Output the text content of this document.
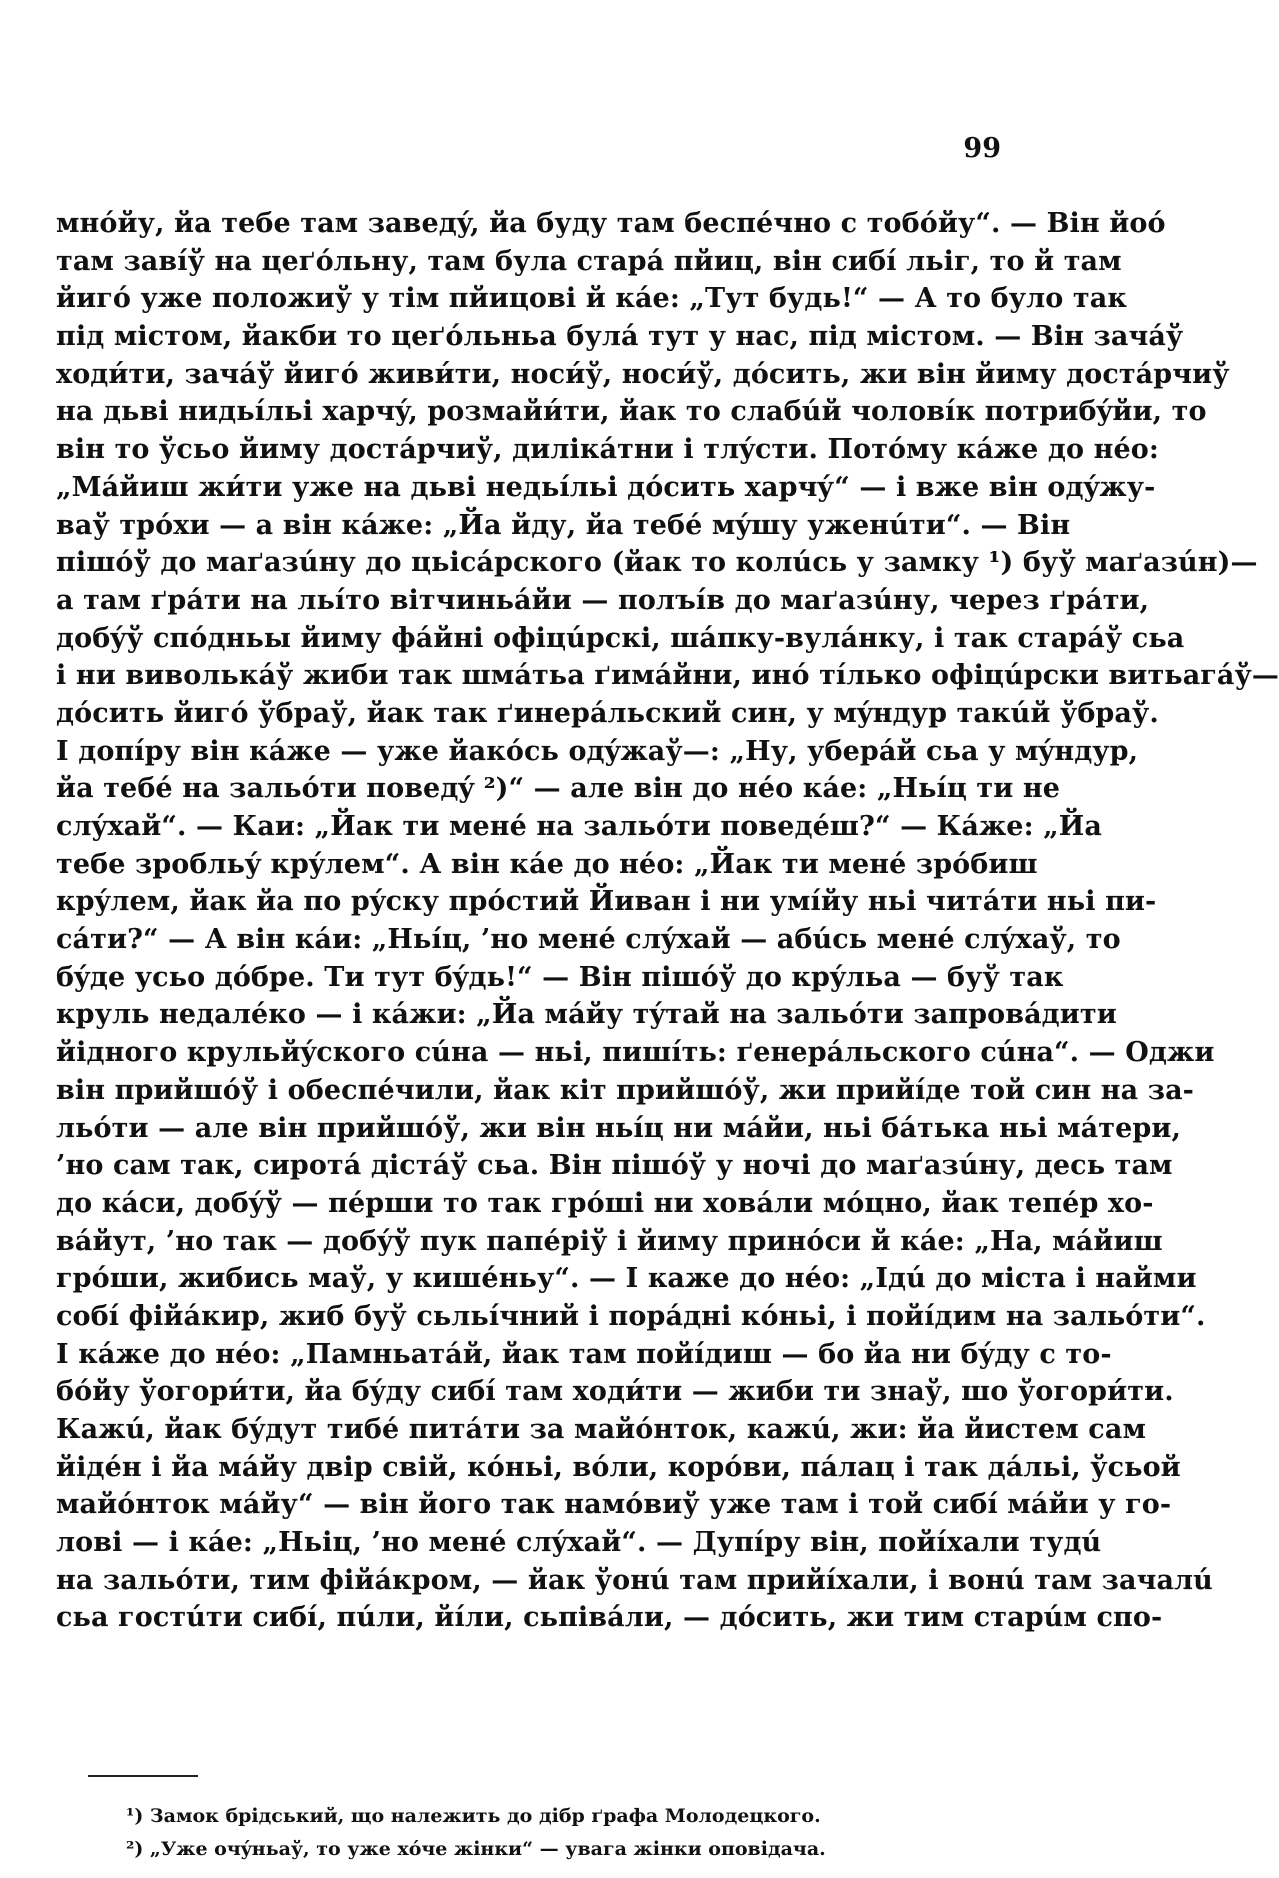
99
мнóйу, йа тебе там заведý, йа буду там беспéчно с тобóйу“. — Він йоó
там завíў на цеґóльну, там була старá пйиц, він сибí льіг, то й там
йигó уже положиў у тім пйицові й кáе: „Тут будь!“ — А то було так
під містом, йакби то цеґóльньа булá тут у нас, під містом. — Він зачáў
ходи́ти, зачáў йигó живи́ти, носи́ў, носи́ў, дóсить, жи він йиму достáрчиў
на дьві нидьíльі харчý, розмайи́ти, йак то слабúй чоловíк потрибýйи, то
він то ўсьо йиму достáрчиў, дилікáтни і тлýсти. Потóму кáже до нéо:
„Мáйиш жи́ти уже на дьві недьíльі дóсить харчý“ — і вже він одýжу-
ваў трóхи — а він кáже: „Йа йду, йа тебé мýшу уженúти“. — Він
пішóў до маґазúну до цьісáрского (йак то колúсь у замку ¹) буў маґазúн)—
а там ґрáти на льíто вітчиньáйи — полъíв до маґазúну, через ґрáти,
добýў спóдньы йиму фáйні офіцúрскі, шáпку-вулáнку, і так старáў сьа
і ни виволькáў жиби так шмáтьа ґимáйни, инó тíлько офіцúрски витьагáў—
дóсить йигó ўбраў, йак так ґинерáльский син, у мýндур такúй ўбраў.
І допíру він кáже — уже йакóсь одýжаў—: „Ну, уберáй сьа у мýндур,
йа тебé на зальóти поведý ²)“ — але він до нéо кáе: „Ньíц ти не
слýхай“. — Каи: „Йак ти менé на зальóти поведéш?“ — Кáже: „Йа
тебе зробльý крýлем“. А він кáе до нéо: „Йак ти менé зрóбиш
крýлем, йак йа по рýску прóстий Йиван і ни умíйу ньі читáти ньі пи-
сáти?“ — А він кáи: „Ньíц, ’но менé слýхай — абúсь менé слýхаў, то
бýде усьо дóбре. Ти тут бýдь!“ — Він пішóў до крýльа — буў так
круль недалéко — і кáжи: „Йа мáйу тýтай на зальóти запровáдити
йідного крульйýского сúна — ньі, пишíть: ґенерáльского сúна“. — Оджи
він прийшóў і обеспéчили, йак кіт прийшóў, жи прийíде той син на за-
льóти — але він прийшóў, жи він ньíц ни мáйи, ньі бáтька ньі мáтери,
’но сам так, сиротá дістáў сьа. Він пішóў у ночі до маґазúну, десь там
до кáси, добýў — пéрши то так грóші ни ховáли мóцно, йак тепéр хо-
вáйут, ’но так — добýў пук папéріў і йиму прино́си й кáе: „На, мáйиш
грóши, жибись маў, у кишéньу“. — І каже до нéо: „Ідú до міста і найми
собí фійáкир, жиб буў сьльíчний і порáдні кóньі, і пойíдим на зальóти“.
І кáже до нéо: „Памньатáй, йак там пойíдиш — бо йа ни бýду с то-
бóйу ўогори́ти, йа бýду сибí там ходи́ти — жиби ти знаў, шо ўогори́ти.
Кажú, йак бýдут тибé питáти за майóнток, кажú, жи: йа йистем сам
йідéн і йа мáйу двір свій, кóньі, вóли, корóви, пáлац і так дáльі, ўсьой
майóнток мáйу“ — він його так намóвиў уже там і той сибí мáйи у го-
лові — і кáе: „Ньіц, ’но менé слýхай“. — Дупíру він, пойíхали тудú
на зальóти, тим фійáкром, — йак ўонú там прийíхали, і вонú там зачалú
сьа гостúти сибí, пúли, йíли, сьпівáли, — дóсить, жи тим старúм спо-
¹) Замок брідський, що належить до дібр ґрафа Молодецкого.
²) „Уже очýньаў, то уже хóче жінки“ — увага жінки оповідача.
